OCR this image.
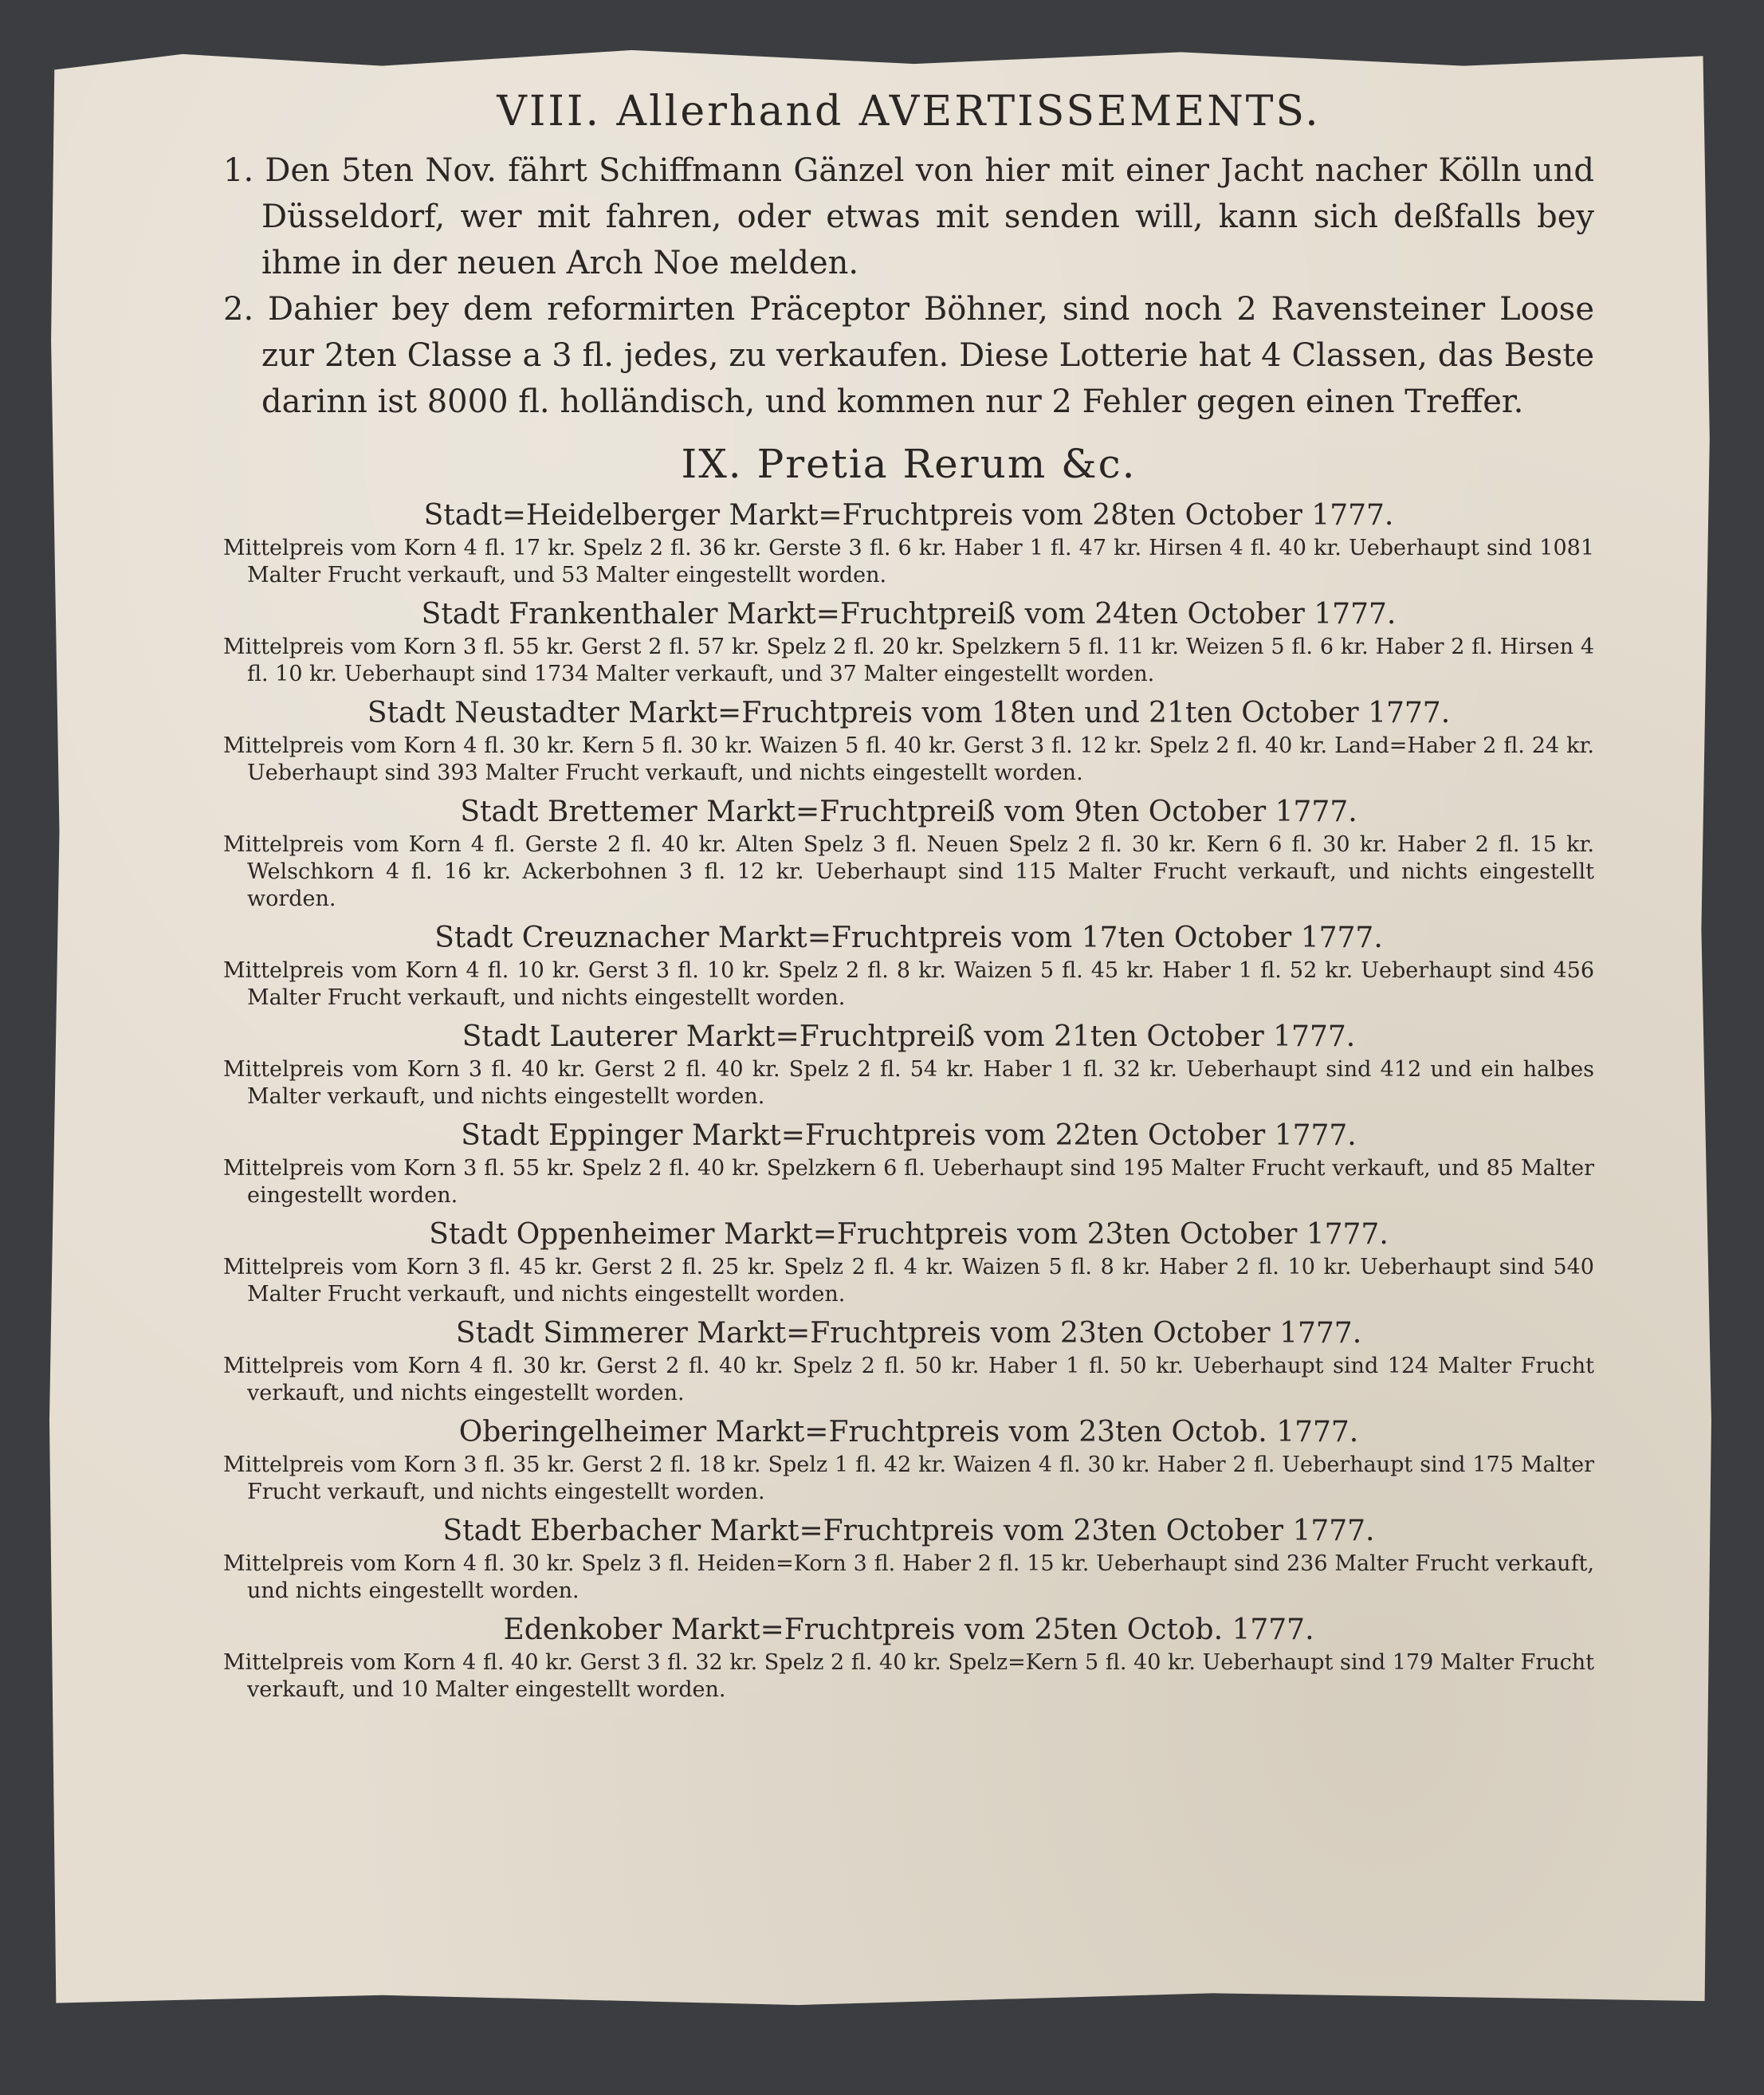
VIII. Allerhand AVERTISSEMENTS.

1. Den 5ten Nov. fährt Schiffmann Gänzel von hier mit einer Jacht nacher Kölln und Düsseldorf, wer mit fahren, oder etwas mit senden will, kann sich deßfalls bey ihme in der neuen Arch Noe melden.

2. Dahier bey dem reformirten Präceptor Böhner, sind noch 2 Ravensteiner Loose zur 2ten Classe a 3 fl. jedes, zu verkaufen. Diese Lotterie hat 4 Classen, das Beste darinn ist 8000 fl. holländisch, und kommen nur 2 Fehler gegen einen Treffer.

IX. Pretia Rerum &c.
Stadt=Heidelberger Markt=Fruchtpreis vom 28ten October 1777.

Mittelpreis vom Korn 4 fl. 17 kr. Spelz 2 fl. 36 kr. Gerste 3 fl. 6 kr. Haber 1 fl. 47 kr. Hirsen 4 fl. 40 kr. Ueberhaupt sind 1081 Malter Frucht verkauft, und 53 Malter eingestellt worden.

Stadt Frankenthaler Markt=Fruchtpreiß vom 24ten October 1777.

Mittelpreis vom Korn 3 fl. 55 kr. Gerst 2 fl. 57 kr. Spelz 2 fl. 20 kr. Spelzkern 5 fl. 11 kr. Weizen 5 fl. 6 kr. Haber 2 fl. Hirsen 4 fl. 10 kr. Ueberhaupt sind 1734 Malter verkauft, und 37 Malter eingestellt worden.

Stadt Neustadter Markt=Fruchtpreis vom 18ten und 21ten October 1777.

Mittelpreis vom Korn 4 fl. 30 kr. Kern 5 fl. 30 kr. Waizen 5 fl. 40 kr. Gerst 3 fl. 12 kr. Spelz 2 fl. 40 kr. Land=Haber 2 fl. 24 kr. Ueberhaupt sind 393 Malter Frucht verkauft, und nichts eingestellt worden.

Stadt Brettemer Markt=Fruchtpreiß vom 9ten October 1777.

Mittelpreis vom Korn 4 fl. Gerste 2 fl. 40 kr. Alten Spelz 3 fl. Neuen Spelz 2 fl. 30 kr. Kern 6 fl. 30 kr. Haber 2 fl. 15 kr. Welschkorn 4 fl. 16 kr. Ackerbohnen 3 fl. 12 kr. Ueberhaupt sind 115 Malter Frucht verkauft, und nichts eingestellt worden.

Stadt Creuznacher Markt=Fruchtpreis vom 17ten October 1777.

Mittelpreis vom Korn 4 fl. 10 kr. Gerst 3 fl. 10 kr. Spelz 2 fl. 8 kr. Waizen 5 fl. 45 kr. Haber 1 fl. 52 kr. Ueberhaupt sind 456 Malter Frucht verkauft, und nichts eingestellt worden.

Stadt Lauterer Markt=Fruchtpreiß vom 21ten October 1777.

Mittelpreis vom Korn 3 fl. 40 kr. Gerst 2 fl. 40 kr. Spelz 2 fl. 54 kr. Haber 1 fl. 32 kr. Ueberhaupt sind 412 und ein halbes Malter verkauft, und nichts eingestellt worden.

Stadt Eppinger Markt=Fruchtpreis vom 22ten October 1777.

Mittelpreis vom Korn 3 fl. 55 kr. Spelz 2 fl. 40 kr. Spelzkern 6 fl. Ueberhaupt sind 195 Malter Frucht verkauft, und 85 Malter eingestellt worden.

Stadt Oppenheimer Markt=Fruchtpreis vom 23ten October 1777.

Mittelpreis vom Korn 3 fl. 45 kr. Gerst 2 fl. 25 kr. Spelz 2 fl. 4 kr. Waizen 5 fl. 8 kr. Haber 2 fl. 10 kr. Ueberhaupt sind 540 Malter Frucht verkauft, und nichts eingestellt worden.

Stadt Simmerer Markt=Fruchtpreis vom 23ten October 1777.

Mittelpreis vom Korn 4 fl. 30 kr. Gerst 2 fl. 40 kr. Spelz 2 fl. 50 kr. Haber 1 fl. 50 kr. Ueberhaupt sind 124 Malter Frucht verkauft, und nichts eingestellt worden.

Oberingelheimer Markt=Fruchtpreis vom 23ten Octob. 1777.

Mittelpreis vom Korn 3 fl. 35 kr. Gerst 2 fl. 18 kr. Spelz 1 fl. 42 kr. Waizen 4 fl. 30 kr. Haber 2 fl. Ueberhaupt sind 175 Malter Frucht verkauft, und nichts eingestellt worden.

Stadt Eberbacher Markt=Fruchtpreis vom 23ten October 1777.

Mittelpreis vom Korn 4 fl. 30 kr. Spelz 3 fl. Heiden=Korn 3 fl. Haber 2 fl. 15 kr. Ueberhaupt sind 236 Malter Frucht verkauft, und nichts eingestellt worden.

Edenkober Markt=Fruchtpreis vom 25ten Octob. 1777.

Mittelpreis vom Korn 4 fl. 40 kr. Gerst 3 fl. 32 kr. Spelz 2 fl. 40 kr. Spelz=Kern 5 fl. 40 kr. Ueberhaupt sind 179 Malter Frucht verkauft, und 10 Malter eingestellt worden.
